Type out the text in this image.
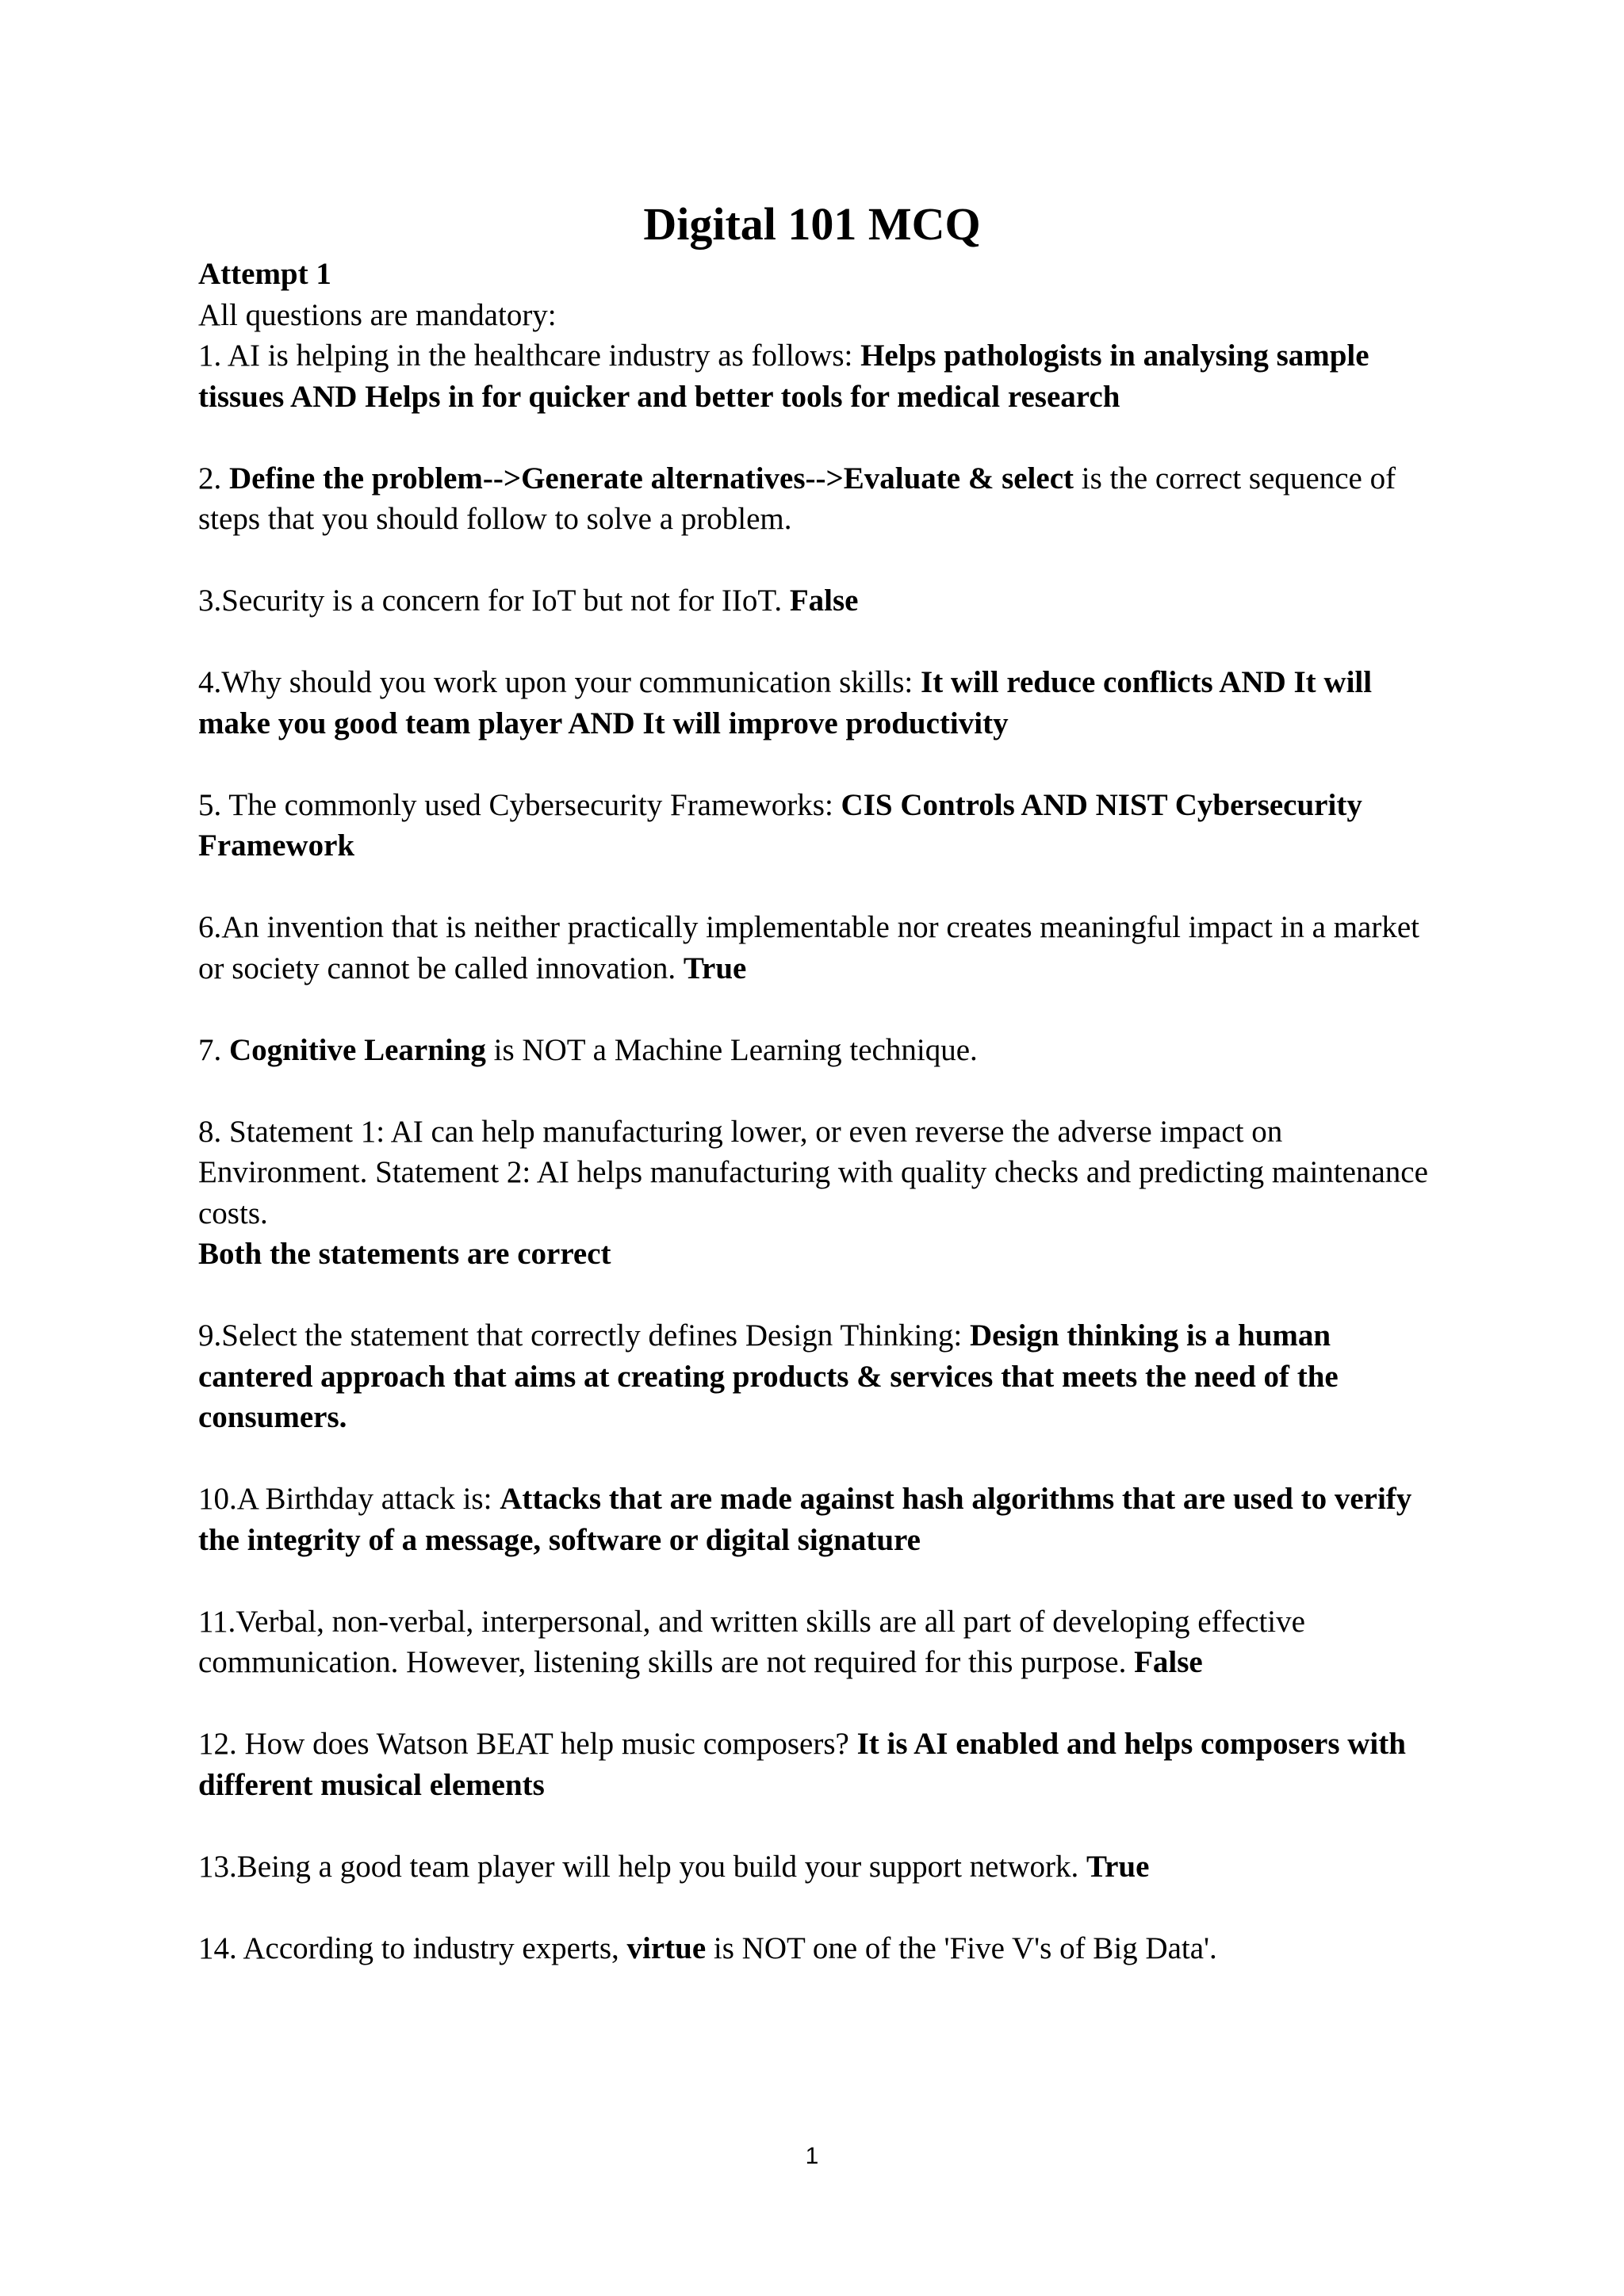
Digital 101 MCQ

Attempt 1

All questions are mandatory:

1. AI is helping in the healthcare industry as follows: Helps pathologists in analysing sample tissues AND Helps in for quicker and better tools for medical research

2. Define the problem-->Generate alternatives-->Evaluate & select is the correct sequence of steps that you should follow to solve a problem.

3.Security is a concern for IoT but not for IIoT. False

4.Why should you work upon your communication skills: It will reduce conflicts AND It will make you good team player AND It will improve productivity

5. The commonly used Cybersecurity Frameworks: CIS Controls AND NIST Cybersecurity Framework

6.An invention that is neither practically implementable nor creates meaningful impact in a market or society cannot be called innovation. True

7. Cognitive Learning is NOT a Machine Learning technique.

8. Statement 1: AI can help manufacturing lower, or even reverse the adverse impact on Environment. Statement 2: AI helps manufacturing with quality checks and predicting maintenance costs.

Both the statements are correct

9.Select the statement that correctly defines Design Thinking: Design thinking is a human cantered approach that aims at creating products & services that meets the need of the consumers.

10.A Birthday attack is: Attacks that are made against hash algorithms that are used to verify the integrity of a message, software or digital signature

11.Verbal, non-verbal, interpersonal, and written skills are all part of developing effective communication. However, listening skills are not required for this purpose. False

12. How does Watson BEAT help music composers? It is AI enabled and helps composers with different musical elements

13.Being a good team player will help you build your support network. True

14. According to industry experts, virtue is NOT one of the 'Five V's of Big Data'.

1
